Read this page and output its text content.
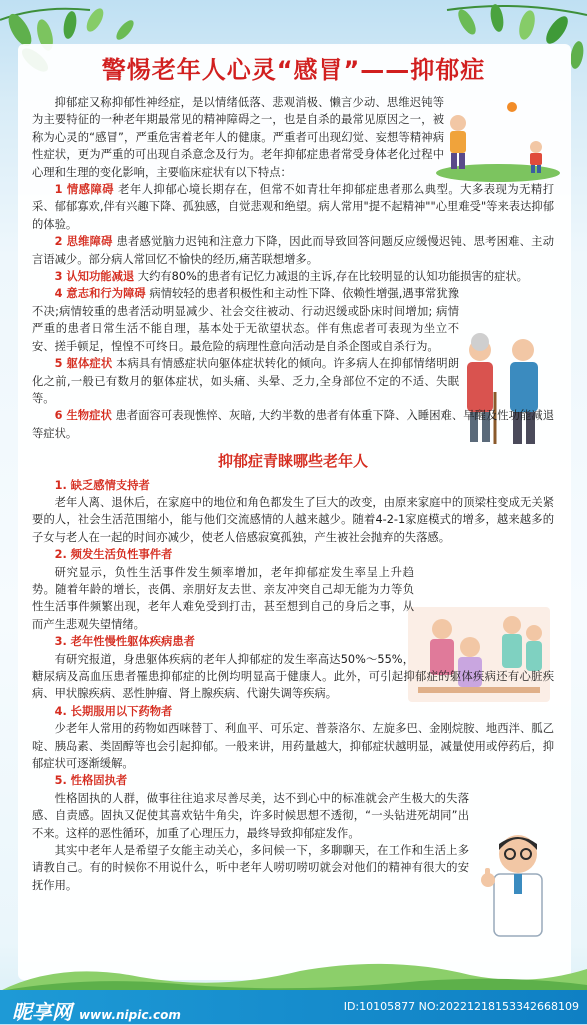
警惕老年人心灵“感冒”——抑郁症

抑郁症又称抑郁性神经症，是以情绪低落、悲观消极、懒言少动、思维迟钝等为主要特征的一种老年期最常见的精神障碍之一，也是自杀的最常见原因之一，被称为心灵的“感冒”，严重危害着老年人的健康。严重者可出现幻觉、妄想等精神病性症状，更为严重的可出现自杀意念及行为。老年抑郁症患者常受身体老化过程中心理和生理的变化影响，主要临床症状有以下特点：

1 情感障碍 老年人抑郁心境长期存在，但常不如青壮年抑郁症患者那么典型。大多表现为无精打采、郁郁寡欢,伴有兴趣下降、孤独感，自觉悲观和绝望。病人常用"提不起精神""心里难受"等来表达抑郁的体验。

2 思维障碍 患者感觉脑力迟钝和注意力下降，因此而导致回答问题反应缓慢迟钝、思考困难、主动言语减少。部分病人常回忆不愉快的经历,痛苦联想增多。

3 认知功能减退 大约有80%的患者有记忆力减退的主诉,存在比较明显的认知功能损害的症状。

4 意志和行为障碍 病情较轻的患者积极性和主动性下降、依赖性增强,遇事常犹豫不决;病情较重的患者活动明显减少、社会交往被动、行动迟缓或卧床时间增加; 病情严重的患者日常生活不能自理，基本处于无欲望状态。伴有焦虑者可表现为坐立不安、搓手顿足，惶惶不可终日。最危险的病理性意向活动是自杀企图或自杀行为。

5 躯体症状 本病具有情感症状向躯体症状转化的倾向。许多病人在抑郁情绪明朗化之前,一般已有数月的躯体症状，如头痛、头晕、乏力,全身部位不定的不适、失眠等。

6 生物症状 患者面容可表现憔悴、灰暗, 大约半数的患者有体重下降、入睡困难、早醒及性功能减退等症状。

抑郁症青睐哪些老年人
1. 缺乏感情支持者

老年人离、退休后，在家庭中的地位和角色都发生了巨大的改变，由原来家庭中的顶梁柱变成无关紧要的人，社会生活范围缩小，能与他们交流感情的人越来越少。随着4-2-1家庭模式的增多，越来越多的子女与老人在一起的时间亦减少，使老人倍感寂寞孤独，产生被社会抛弃的失落感。

2. 频发生活负性事件者

研究显示，负性生活事件发生频率增加，老年抑郁症发生率呈上升趋势。随着年龄的增长，丧偶、亲朋好友去世、亲友冲突自己却无能为力等负性生活事件频繁出现，老年人难免受到打击，甚至想到自己的身后之事，从而产生悲观失望情绪。

3. 老年性慢性躯体疾病患者

有研究报道，身患躯体疾病的老年人抑郁症的发生率高达50%～55%，糖尿病及高血压患者罹患抑郁症的比例均明显高于健康人。此外，可引起抑郁症的躯体疾病还有心脏疾病、甲状腺疾病、恶性肿瘤、肾上腺疾病、代谢失调等疾病。

4. 长期服用以下药物者

少老年人常用的药物如西咪替丁、利血平、可乐定、普萘洛尔、左旋多巴、金刚烷胺、地西泮、胍乙啶、胰岛素、类固醇等也会引起抑郁。一般来讲，用药量越大，抑郁症状越明显，减量使用或停药后，抑郁症状可逐渐缓解。

5. 性格固执者

性格固执的人群，做事往往追求尽善尽美，达不到心中的标准就会产生极大的失落感、自责感。固执又促使其喜欢钻牛角尖，许多时候思想不透彻，“一头钻进死胡同”出不来。这样的恶性循环，加重了心理压力，最终导致抑郁症发作。

其实中老年人是希望子女能主动关心，多问候一下，多聊聊天，在工作和生活上多请教自己。有的时候你不用说什么，听中老年人唠叨唠叨就会对他们的精神有很大的安抚作用。

昵享网 www.nipic.com
ID:10105877 NO:20221218153342668109
